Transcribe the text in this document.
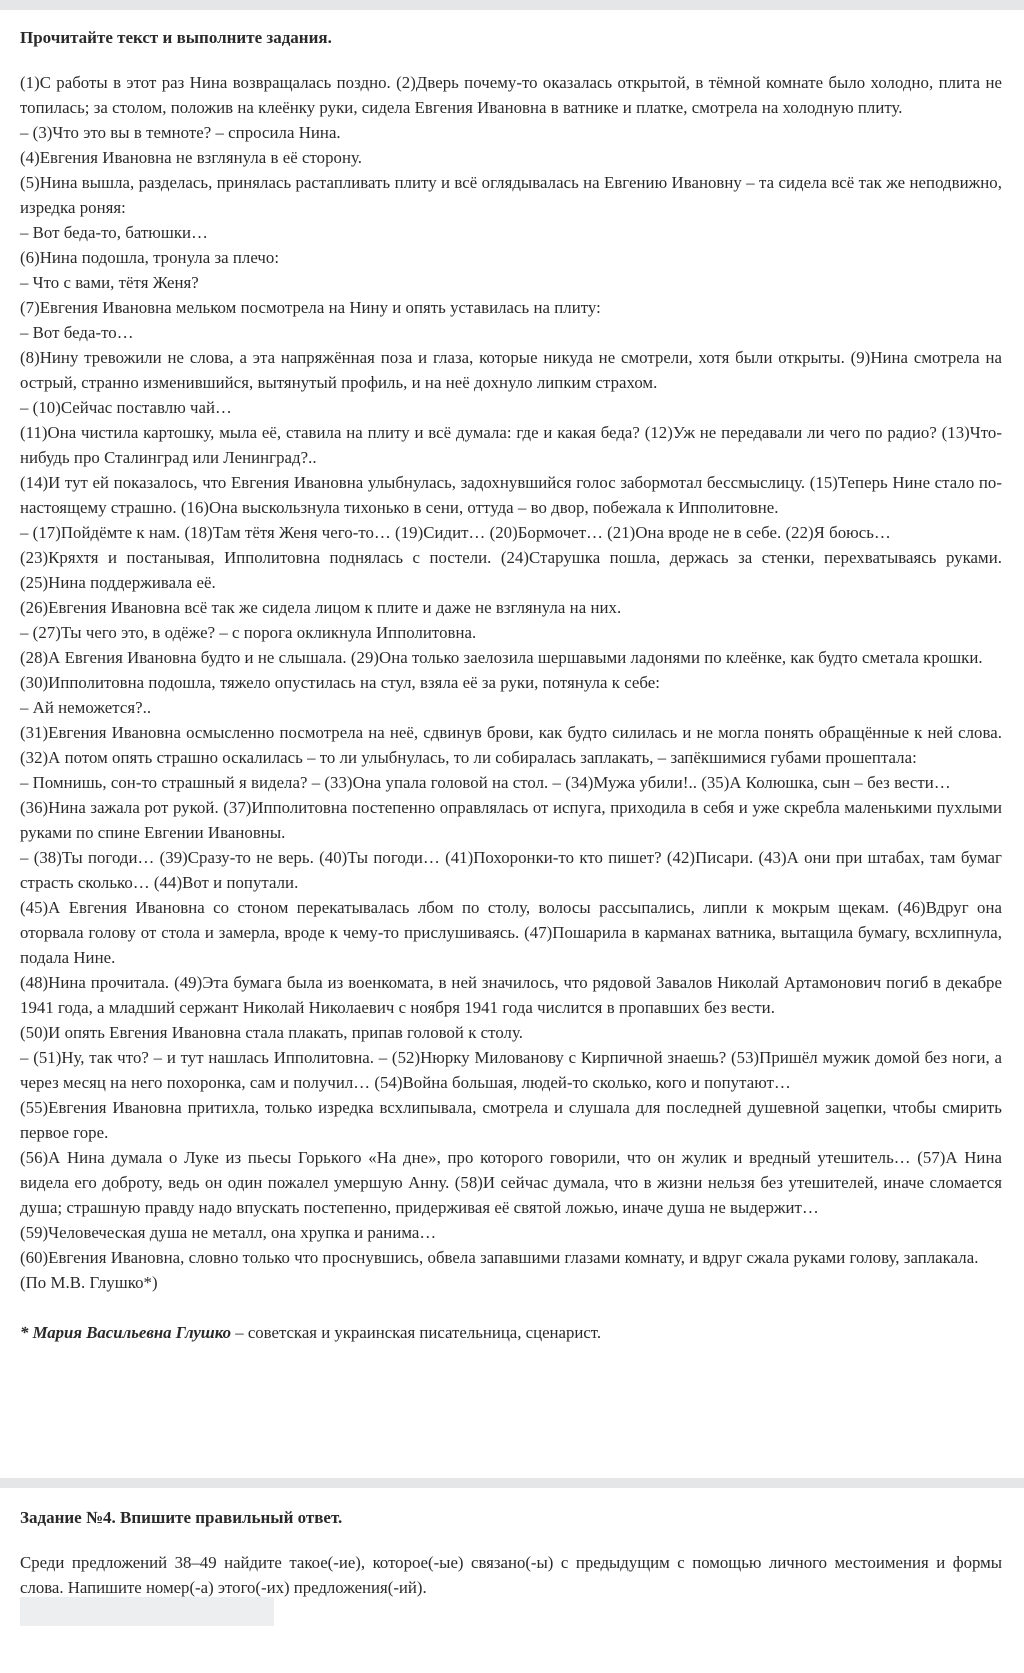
Прочитайте текст и выполните задания.

(1)С работы в этот раз Нина возвращалась поздно. (2)Дверь почему-то оказалась открытой, в тёмной комнате было холодно, плита не топилась; за столом, положив на клеёнку руки, сидела Евгения Ивановна в ватнике и платке, смотрела на холодную плиту.

– (3)Что это вы в темноте? – спросила Нина.

(4)Евгения Ивановна не взглянула в её сторону.

(5)Нина вышла, разделась, принялась растапливать плиту и всё оглядывалась на Евгению Ивановну – та сидела всё так же неподвижно, изредка роняя:

– Вот беда-то, батюшки…

(6)Нина подошла, тронула за плечо:

– Что с вами, тётя Женя?

(7)Евгения Ивановна мельком посмотрела на Нину и опять уставилась на плиту:

– Вот беда-то…

(8)Нину тревожили не слова, а эта напряжённая поза и глаза, которые никуда не смотрели, хотя были открыты. (9)Нина смотрела на острый, странно изменившийся, вытянутый профиль, и на неё дохнуло липким страхом.

– (10)Сейчас поставлю чай…

(11)Она чистила картошку, мыла её, ставила на плиту и всё думала: где и какая беда? (12)Уж не передавали ли чего по радио? (13)Что-нибудь про Сталинград или Ленинград?..

(14)И тут ей показалось, что Евгения Ивановна улыбнулась, задохнувшийся голос забормотал бессмыслицу. (15)Теперь Нине стало по-настоящему страшно. (16)Она выскользнула тихонько в сени, оттуда – во двор, побежала к Ипполитовне.

– (17)Пойдёмте к нам. (18)Там тётя Женя чего-то… (19)Сидит… (20)Бормочет… (21)Она вроде не в себе. (22)Я боюсь…

(23)Кряхтя и постанывая, Ипполитовна поднялась с постели. (24)Старушка пошла, держась за стенки, перехватываясь руками. (25)Нина поддерживала её.

(26)Евгения Ивановна всё так же сидела лицом к плите и даже не взглянула на них.

– (27)Ты чего это, в одёже? – с порога окликнула Ипполитовна.

(28)А Евгения Ивановна будто и не слышала. (29)Она только заелозила шершавыми ладонями по клеёнке, как будто сметала крошки.

(30)Ипполитовна подошла, тяжело опустилась на стул, взяла её за руки, потянула к себе:

– Ай неможется?..

(31)Евгения Ивановна осмысленно посмотрела на неё, сдвинув брови, как будто силилась и не могла понять обращённые к ней слова. (32)А потом опять страшно оскалилась – то ли улыбнулась, то ли собиралась заплакать, – запёкшимися губами прошептала:

– Помнишь, сон-то страшный я видела? – (33)Она упала головой на стол. – (34)Мужа убили!.. (35)А Колюшка, сын – без вести…

(36)Нина зажала рот рукой. (37)Ипполитовна постепенно оправлялась от испуга, приходила в себя и уже скребла маленькими пухлыми руками по спине Евгении Ивановны.

– (38)Ты погоди… (39)Сразу-то не верь. (40)Ты погоди… (41)Похоронки-то кто пишет? (42)Писари. (43)А они при штабах, там бумаг страсть сколько… (44)Вот и попутали.

(45)А Евгения Ивановна со стоном перекатывалась лбом по столу, волосы рассыпались, липли к мокрым щекам. (46)Вдруг она оторвала голову от стола и замерла, вроде к чему-то прислушиваясь. (47)Пошарила в карманах ватника, вытащила бумагу, всхлипнула, подала Нине.

(48)Нина прочитала. (49)Эта бумага была из военкомата, в ней значилось, что рядовой Завалов Николай Артамонович погиб в декабре 1941 года, а младший сержант Николай Николаевич с ноября 1941 года числится в пропавших без вести.

(50)И опять Евгения Ивановна стала плакать, припав головой к столу.

– (51)Ну, так что? – и тут нашлась Ипполитовна. – (52)Нюрку Милованову с Кирпичной знаешь? (53)Пришёл мужик домой без ноги, а через месяц на него похоронка, сам и получил… (54)Война большая, людей-то сколько, кого и попутают…

(55)Евгения Ивановна притихла, только изредка всхлипывала, смотрела и слушала для последней душевной зацепки, чтобы смирить первое горе.

(56)А Нина думала о Луке из пьесы Горького «На дне», про которого говорили, что он жулик и вредный утешитель… (57)А Нина видела его доброту, ведь он один пожалел умершую Анну. (58)И сейчас думала, что в жизни нельзя без утешителей, иначе сломается душа; страшную правду надо впускать постепенно, придерживая её святой ложью, иначе душа не выдержит…

(59)Человеческая душа не металл, она хрупка и ранима…

(60)Евгения Ивановна, словно только что проснувшись, обвела запавшими глазами комнату, и вдруг сжала руками голову, заплакала.

(По М.В. Глушко*)

* Мария Васильевна Глушко – советская и украинская писательница, сценарист.
Задание №4. Впишите правильный ответ.
Среди предложений 38–49 найдите такое(-ие), которое(-ые) связано(-ы) с предыдущим с помощью личного местоимения и формы слова. Напишите номер(-а) этого(-их) предложения(-ий).
